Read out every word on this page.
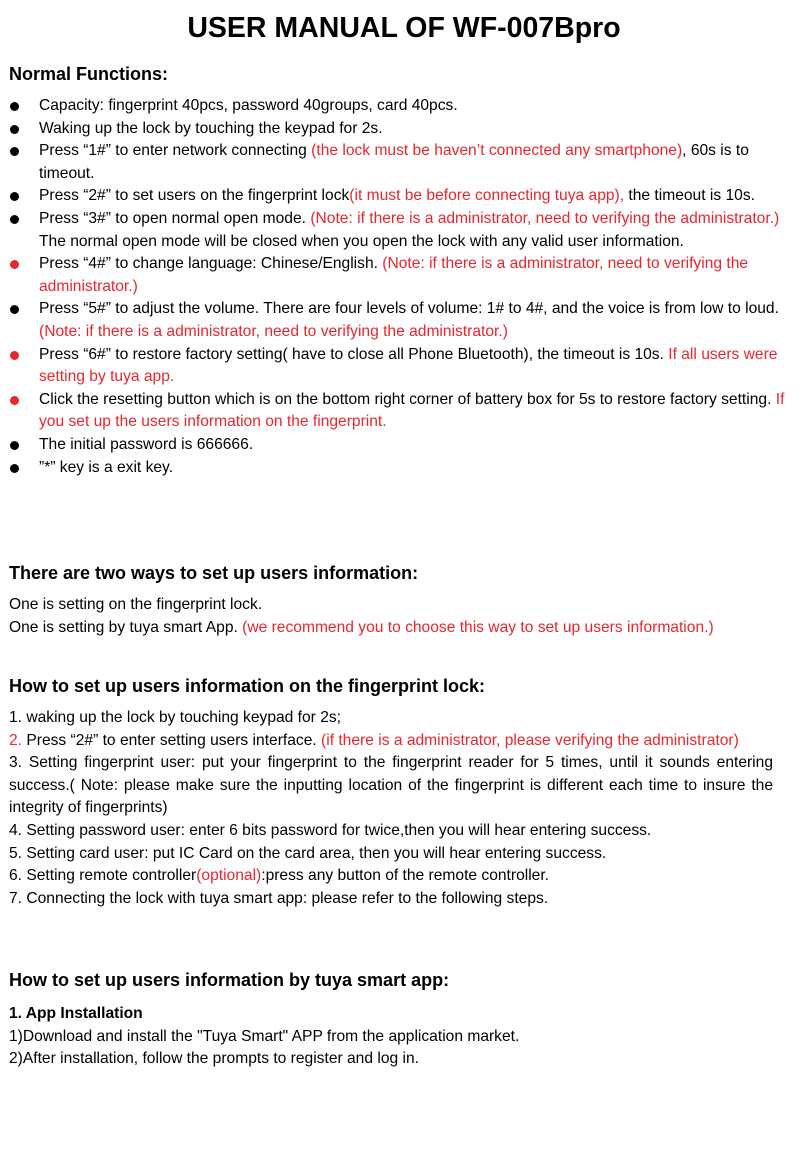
USER MANUAL OF WF-007Bpro
Normal Functions:
Capacity: fingerprint 40pcs, password 40groups, card 40pcs.
Waking up the lock by touching the keypad for 2s.
Press “1#” to enter network connecting (the lock must be haven’t connected any smartphone), 60s is to timeout.
Press “2#” to set users on the fingerprint lock(it must be before connecting tuya app), the timeout is 10s.
Press “3#” to open normal open mode. (Note: if there is a administrator, need to verifying the administrator.) The normal open mode will be closed when you open the lock with any valid user information.
Press “4#” to change language: Chinese/English. (Note: if there is a administrator, need to verifying the administrator.)
Press “5#” to adjust the volume. There are four levels of volume: 1# to 4#, and the voice is from low to loud. (Note: if there is a administrator, need to verifying the administrator.)
Press “6#” to restore factory setting( have to close all Phone Bluetooth), the timeout is 10s. If all users were setting by tuya app.
Click the resetting button which is on the bottom right corner of battery box for 5s to restore factory setting. If you set up the users information on the fingerprint.
The initial password is 666666.
”*” key is a exit key.
There are two ways to set up users information:
One is setting on the fingerprint lock.
One is setting by tuya smart App. (we recommend you to choose this way to set up users information.)
How to set up users information on the fingerprint lock:
1. waking up the lock by touching keypad for 2s;
2. Press “2#” to enter setting users interface. (if there is a administrator, please verifying the administrator)
3. Setting fingerprint user: put your fingerprint to the fingerprint reader for 5 times, until it sounds entering success.( Note: please make sure the inputting location of the fingerprint is different each time to insure the integrity of fingerprints)
4. Setting password user: enter 6 bits password for twice,then you will hear entering success.
5. Setting card user: put IC Card on the card area, then you will hear entering success.
6. Setting remote controller(optional):press any button of the remote controller.
7. Connecting the lock with tuya smart app: please refer to the following steps.
How to set up users information by tuya smart app:
1. App Installation
1)Download and install the "Tuya Smart" APP from the application market.
2)After installation, follow the prompts to register and log in.
